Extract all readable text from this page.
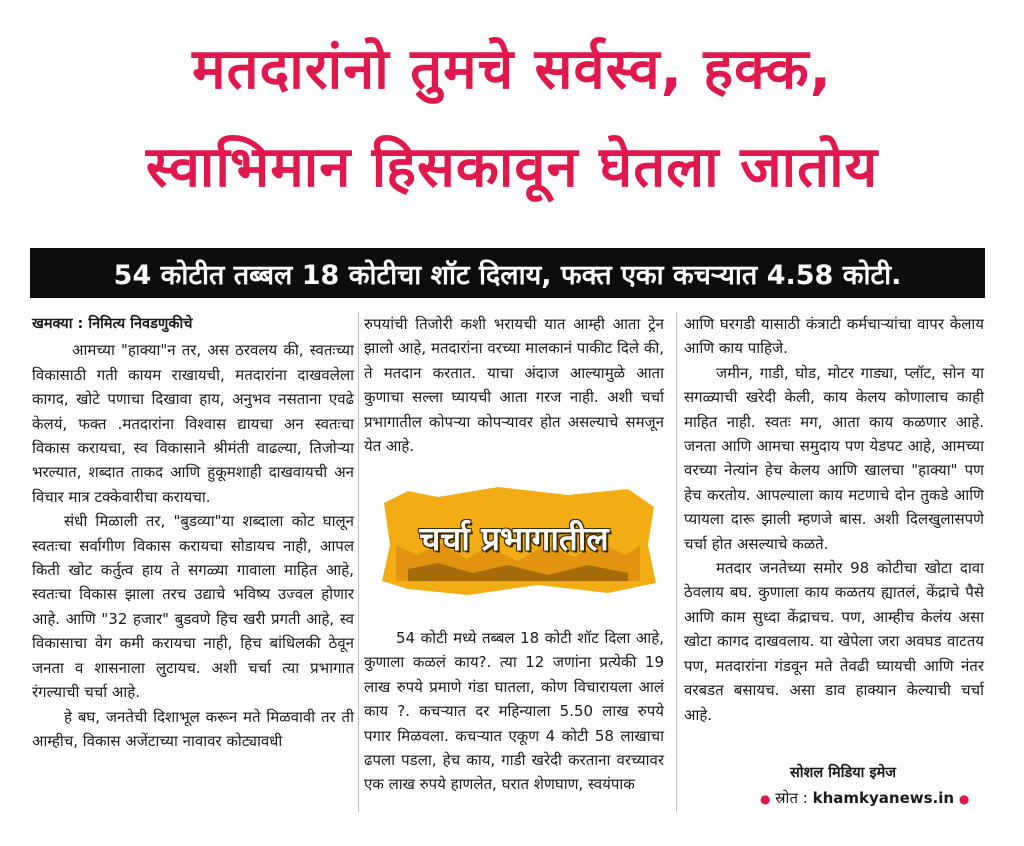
मतदारांनो तुमचे सर्वस्व, हक्क,
स्वाभिमान हिसकावून घेतला जातोय
54 कोटीत तब्बल 18 कोटीचा शॉट दिलाय, फक्त एका कचऱ्यात 4.58 कोटी.
खमक्या : निमित्य निवडणुकीचे

आमच्या "हाक्या"न तर, अस ठरवलय की, स्वतःच्या विकासाठी गती कायम राखायची, मतदारांना दाखवलेला कागद, खोटे पणाचा दिखावा हाय, अनुभव नसताना एवढे केलयं, फक्त .मतदारांना विश्वास द्यायचा अन स्वतःचा विकास करायचा, स्व विकासाने श्रीमंती वाढल्या, तिजोऱ्या भरल्यात, शब्दात ताकद आणि हुकूमशाही दाखवायची अन विचार मात्र टक्केवारीचा करायचा.

संधी मिळाली तर, "बुडव्या"या शब्दाला कोट घालून स्वतःचा सर्वागीण विकास करायचा सोडायच नाही, आपल किती खोट कर्तुत्व हाय ते सगळ्या गावाला माहित आहे, स्वतःचा विकास झाला तरच उद्याचे भविष्य उज्वल होणार आहे. आणि "32 हजार" बुडवणे हिच खरी प्रगती आहे, स्व विकासाचा वेग कमी करायचा नाही, हिच बांधिलकी ठेवून जनता व शासनाला लुटायच. अशी चर्चा त्या प्रभागात रंगल्याची चर्चा आहे.

हे बघ, जनतेची दिशाभूल करून मते मिळवावी तर ती आम्हीच, विकास अजेंटाच्या नावावर कोट्यावधी

रुपयांची तिजोरी कशी भरायची यात आम्ही आता ट्रेन झालो आहे, मतदारांना वरच्या मालकानं पाकीट दिले की, ते मतदान करतात. याचा अंदाज आल्यामुळे आता कुणाचा सल्ला घ्यायची आता गरज नाही. अशी चर्चा प्रभागातील कोपऱ्या कोपऱ्यावर होत असल्याचे समजून येत आहे.

चर्चा प्रभागातील

54 कोटी मध्ये तब्बल 18 कोटी शॉट दिला आहे, कुणाला कळलं काय?. त्या 12 जणांना प्रत्येकी 19 लाख रुपये प्रमाणे गंडा घातला, कोण विचारायला आलं काय ?. कचऱ्यात दर महिन्याला 5.50 लाख रुपये पगार मिळवला. कचऱ्यात एकूण 4 कोटी 58 लाखाचा ढपला पडला, हेच काय, गाडी खरेदी करताना वरच्यावर एक लाख रुपये हाणलेत, घरात शेणघाण, स्वयंपाक

आणि घरगडी यासाठी कंत्राटी कर्मचाऱ्यांचा वापर केलाय आणि काय पाहिजे.

जमीन, गाडी, घोड, मोटर गाड्या, प्लॉट, सोन या सगळ्याची खरेदी केली, काय केलय कोणालाच काही माहित नाही. स्वतः मग, आता काय कळणार आहे. जनता आणि आमचा समुदाय पण येडपट आहे, आमच्या वरच्या नेत्यांन हेच केलय आणि खालचा "हाक्या" पण हेच करतोय. आपल्याला काय मटणाचे दोन तुकडे आणि प्यायला दारू झाली म्हणजे बास. अशी दिलखुलासपणे चर्चा होत असल्याचे कळते.

मतदार जनतेच्या समोर 98 कोटीचा खोटा दावा ठेवलाय बघ. कुणाला काय कळतय ह्यातलं, केंद्राचे पैसे आणि काम सुध्दा केंद्राचच. पण, आम्हीच केलंय असा खोटा कागद दाखवलाय. या खेपेला जरा अवघड वाटतय पण, मतदारांना गंडवून मते तेवढी घ्यायची आणि नंतर वरबडत बसायच. असा डाव हाक्यान केल्याची चर्चा आहे.

सोशल मिडिया इमेज
● स्रोत : khamkyanews.in ●
